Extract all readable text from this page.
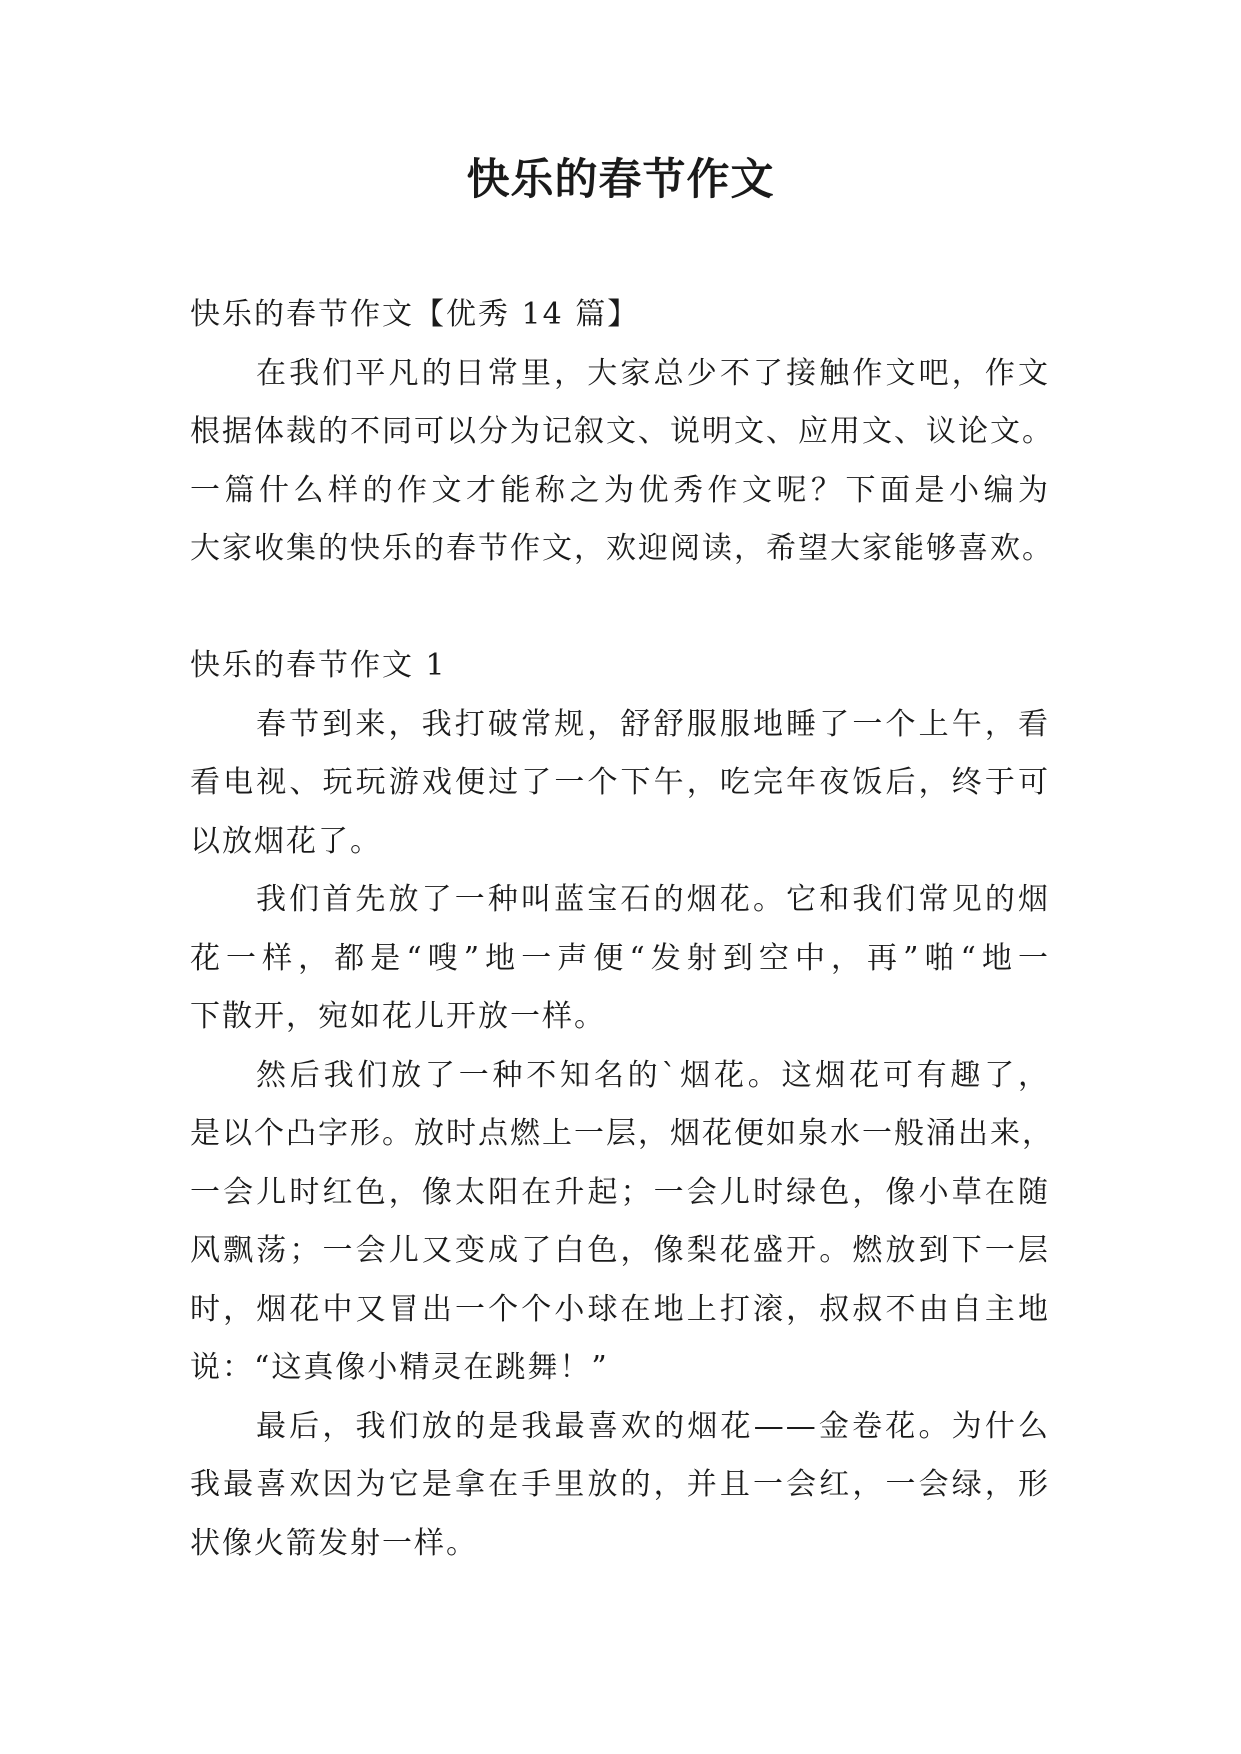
快乐的春节作文
快乐的春节作文【优秀 14 篇】
在我们平凡的日常里，大家总少不了接触作文吧，作文
根据体裁的不同可以分为记叙文、说明文、应用文、议论文。
一篇什么样的作文才能称之为优秀作文呢？下面是小编为
大家收集的快乐的春节作文，欢迎阅读，希望大家能够喜欢。
快乐的春节作文 1
春节到来，我打破常规，舒舒服服地睡了一个上午，看
看电视、玩玩游戏便过了一个下午，吃完年夜饭后，终于可
以放烟花了。
我们首先放了一种叫蓝宝石的烟花。它和我们常见的烟
花一样，都是“嗖”地一声便“发射到空中，再”啪“地一
下散开，宛如花儿开放一样。
然后我们放了一种不知名的`烟花。这烟花可有趣了，
是以个凸字形。放时点燃上一层，烟花便如泉水一般涌出来，
一会儿时红色，像太阳在升起；一会儿时绿色，像小草在随
风飘荡；一会儿又变成了白色，像梨花盛开。燃放到下一层
时，烟花中又冒出一个个小球在地上打滚，叔叔不由自主地
说：“这真像小精灵在跳舞！”
最后，我们放的是我最喜欢的烟花——金卷花。为什么
我最喜欢因为它是拿在手里放的，并且一会红，一会绿，形
状像火箭发射一样。
